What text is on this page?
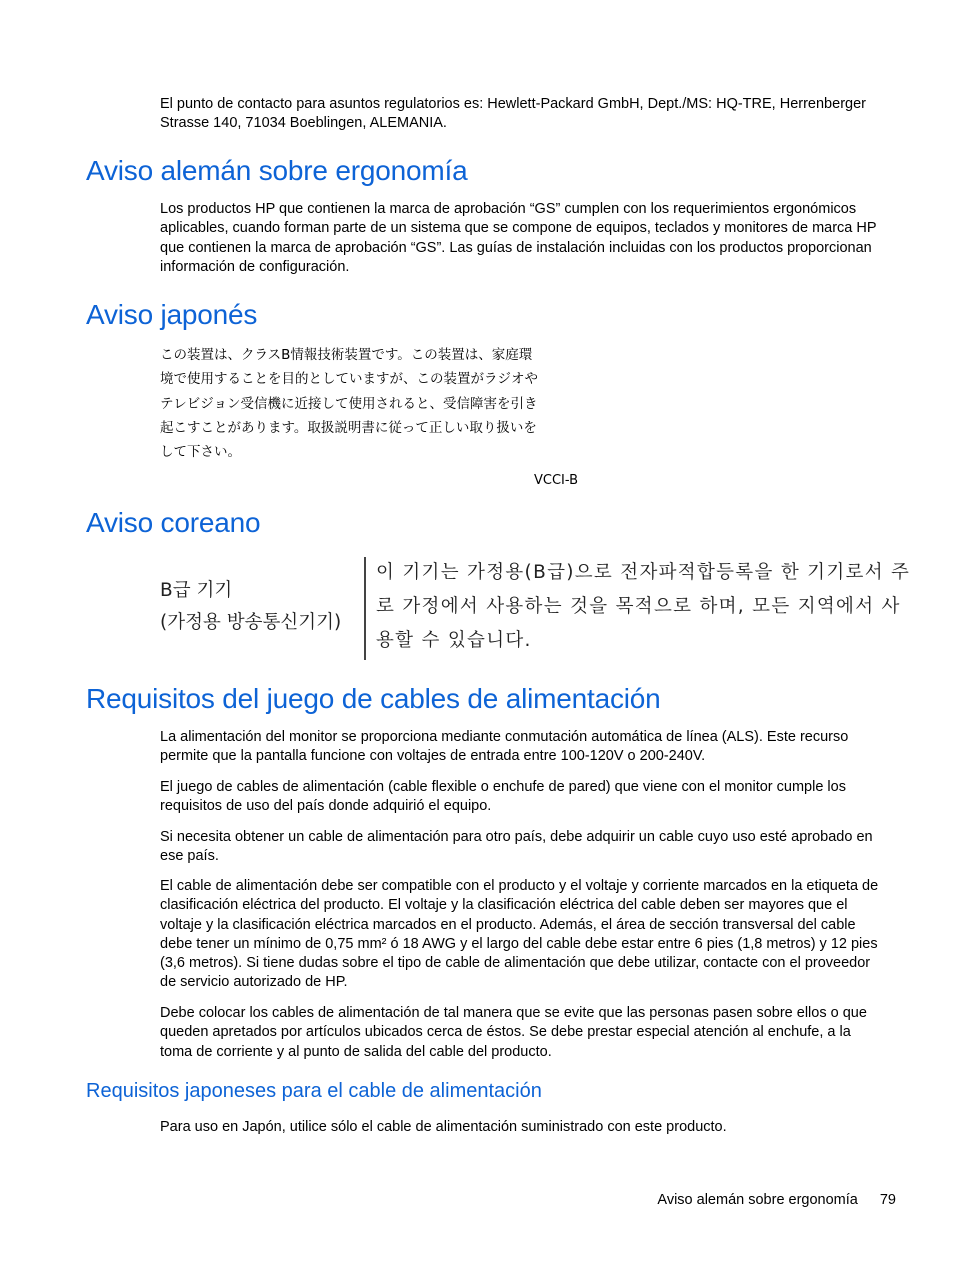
El punto de contacto para asuntos regulatorios es: Hewlett-Packard GmbH, Dept./MS: HQ-TRE, Herrenberger Strasse 140, 71034 Boeblingen, ALEMANIA.

Aviso alemán sobre ergonomía

Los productos HP que contienen la marca de aprobación “GS” cumplen con los requerimientos ergonómicos aplicables, cuando forman parte de un sistema que se compone de equipos, teclados y monitores de marca HP que contienen la marca de aprobación “GS”. Las guías de instalación incluidas con los productos proporcionan información de configuración.

Aviso japonés
この装置は、クラスB情報技術装置です。この装置は、家庭環
境で使用することを目的としていますが、この装置がラジオや
テレビジョン受信機に近接して使用されると、受信障害を引き
起こすことがあります。取扱説明書に従って正しい取り扱いを
して下さい。
VCCI-B
Aviso coreano
B급 기기
(가정용 방송통신기기)
이 기기는 가정용(B급)으로 전자파적합등록을 한 기기로서 주
로 가정에서 사용하는 것을 목적으로 하며, 모든 지역에서 사
용할 수 있습니다.
Requisitos del juego de cables de alimentación

La alimentación del monitor se proporciona mediante conmutación automática de línea (ALS). Este recurso permite que la pantalla funcione con voltajes de entrada entre 100-120V o 200-240V.

El juego de cables de alimentación (cable flexible o enchufe de pared) que viene con el monitor cumple los requisitos de uso del país donde adquirió el equipo.

Si necesita obtener un cable de alimentación para otro país, debe adquirir un cable cuyo uso esté aprobado en ese país.

El cable de alimentación debe ser compatible con el producto y el voltaje y corriente marcados en la etiqueta de clasificación eléctrica del producto. El voltaje y la clasificación eléctrica del cable deben ser mayores que el voltaje y la clasificación eléctrica marcados en el producto. Además, el área de sección transversal del cable debe tener un mínimo de 0,75 mm² ó 18 AWG y el largo del cable debe estar entre 6 pies (1,8 metros) y 12 pies (3,6 metros). Si tiene dudas sobre el tipo de cable de alimentación que debe utilizar, contacte con el proveedor de servicio autorizado de HP.

Debe colocar los cables de alimentación de tal manera que se evite que las personas pasen sobre ellos o que queden apretados por artículos ubicados cerca de éstos. Se debe prestar especial atención al enchufe, a la toma de corriente y al punto de salida del cable del producto.

Requisitos japoneses para el cable de alimentación

Para uso en Japón, utilice sólo el cable de alimentación suministrado con este producto.

Aviso alemán sobre ergonomía 79
